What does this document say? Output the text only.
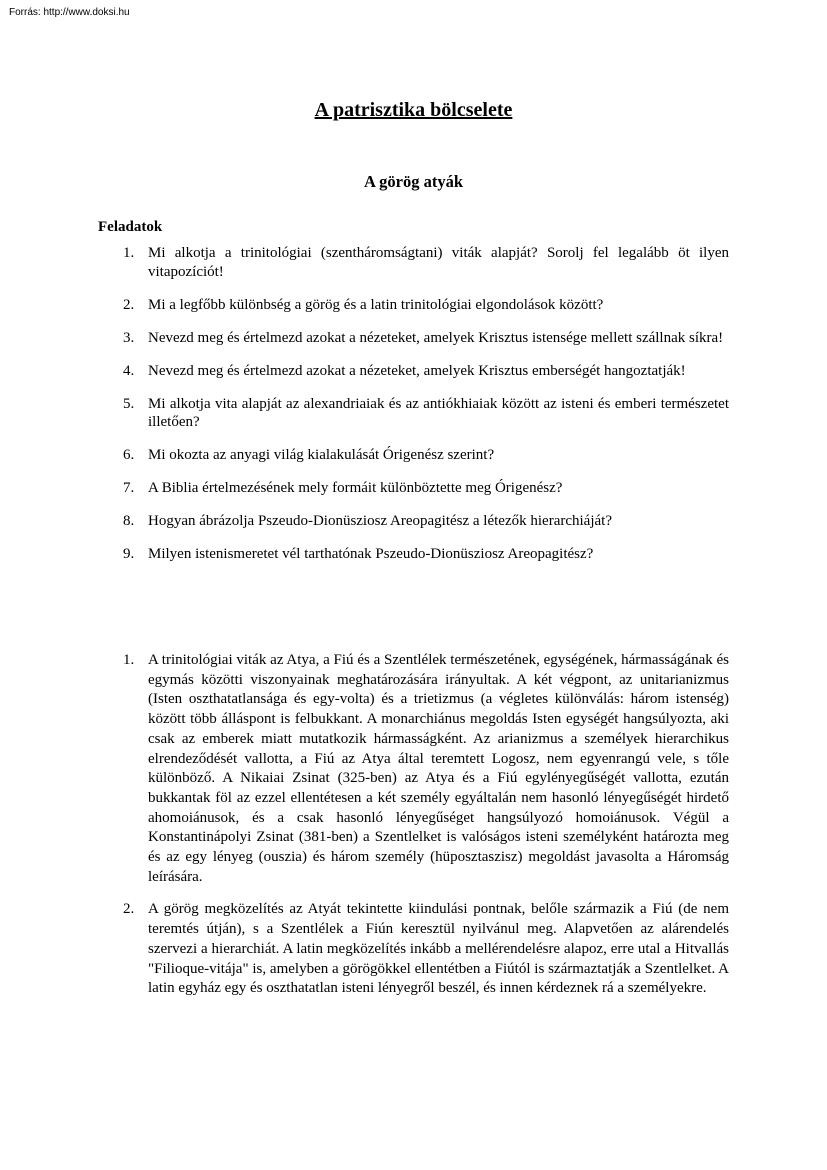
Forrás: http://www.doksi.hu
A patrisztika bölcselete
A görög atyák
Feladatok
1. Mi alkotja a trinitológiai (szentháromságtani) viták alapját? Sorolj fel legalább öt ilyen vitapozíciót!
2. Mi a legfőbb különbség a görög és a latin trinitológiai elgondolások között?
3. Nevezd meg és értelmezd azokat a nézeteket, amelyek Krisztus istensége mellett szállnak síkra!
4. Nevezd meg és értelmezd azokat a nézeteket, amelyek Krisztus emberségét hangoztatják!
5. Mi alkotja vita alapját az alexandriaiak és az antiókhiaiak között az isteni és emberi természetet illetően?
6. Mi okozta az anyagi világ kialakulását Órigenész szerint?
7. A Biblia értelmezésének mely formáit különböztette meg Órigenész?
8. Hogyan ábrázolja Pszeudo-Dionüsziosz Areopagitész a létezők hierarchiáját?
9. Milyen istenismeretet vél tarthatónak Pszeudo-Dionüsziosz Areopagitész?
1. A trinitológiai viták az Atya, a Fiú és a Szentlélek természetének, egységének, hármasságának és egymás közötti viszonyainak meghatározására irányultak. A két végpont, az unitarianizmus (Isten oszthatatlansága és egy-volta) és a trietizmus (a végletes különválás: három istenség) között több álláspont is felbukkant. A monarchiánus megoldás Isten egységét hangsúlyozta, aki csak az emberek miatt mutatkozik hármasságként. Az arianizmus a személyek hierarchikus elrendeződését vallotta, a Fiú az Atya által teremtett Logosz, nem egyenrangú vele, s tőle különböző. A Nikaiai Zsinat (325-ben) az Atya és a Fiú egylényegűségét vallotta, ezután bukkantak föl az ezzel ellentétesen a két személy egyáltalán nem hasonló lényegűségét hirdető ahomoiánusok, és a csak hasonló lényegűséget hangsúlyozó homoiánusok. Végül a Konstantinápolyi Zsinat (381-ben) a Szentlelket is valóságos isteni személyként határozta meg és az egy lényeg (ouszia) és három személy (hüposztaszisz) megoldást javasolta a Háromság leírására.
2. A görög megközelítés az Atyát tekintette kiindulási pontnak, belőle származik a Fiú (de nem teremtés útján), s a Szentlélek a Fiún keresztül nyilvánul meg. Alapvetően az alárendelés szervezi a hierarchiát. A latin megközelítés inkább a mellérendelésre alapoz, erre utal a Hitvallás "Filioque-vitája" is, amelyben a görögökkel ellentétben a Fiútól is származtatják a Szentlelket. A latin egyház egy és oszthatatlan isteni lényegről beszél, és innen kérdeznek rá a személyekre.
